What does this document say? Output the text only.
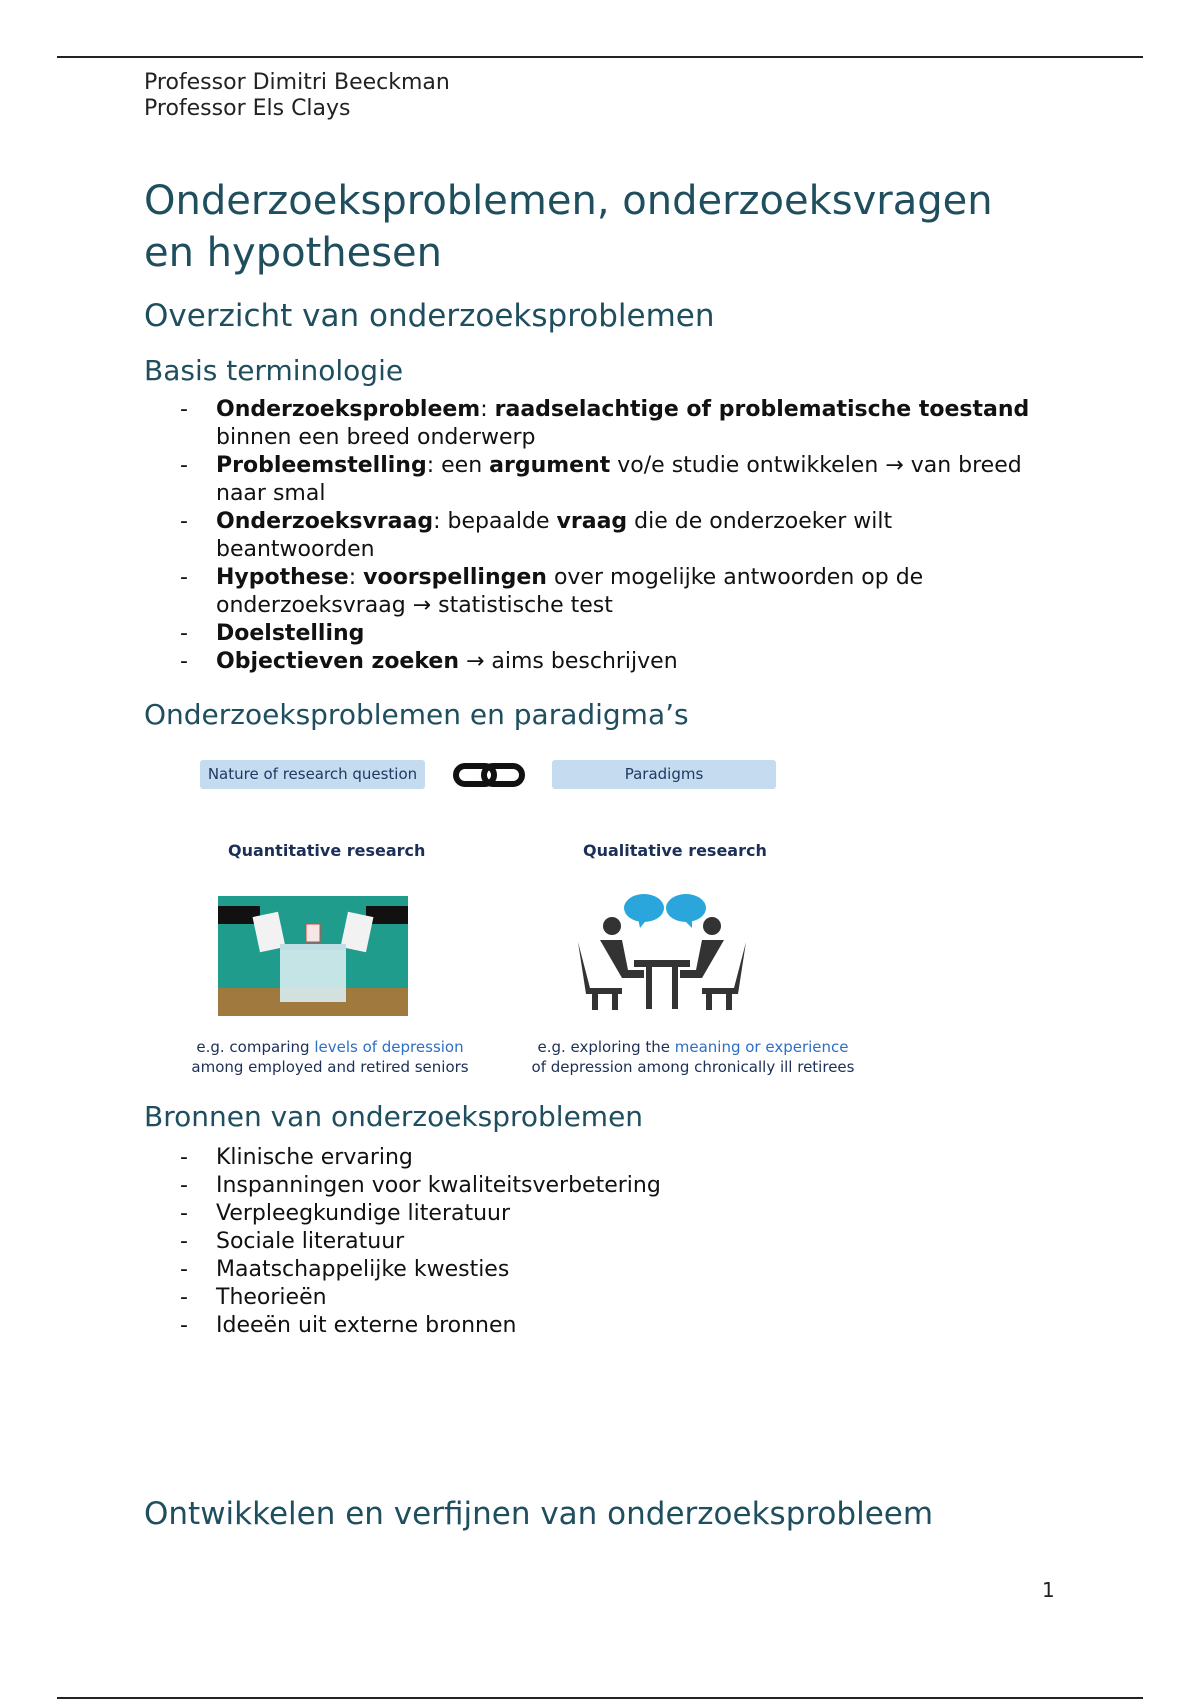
Professor Dimitri Beeckman
Professor Els Clays
Onderzoeksproblemen, onderzoeksvragen en hypothesen
Overzicht van onderzoeksproblemen
Basis terminologie
- Onderzoeksprobleem: raadselachtige of problematische toestand binnen een breed onderwerp
- Probleemstelling: een argument vo/e studie ontwikkelen → van breed naar smal
- Onderzoeksvraag: bepaalde vraag die de onderzoeker wilt beantwoorden
- Hypothese: voorspellingen over mogelijke antwoorden op de onderzoeksvraag → statistische test
- Doelstelling
- Objectieven zoeken → aims beschrijven
Onderzoeksproblemen en paradigma’s
Nature of research question	Paradigms
Quantitative research	Qualitative research
e.g. comparing levels of depression
among employed and retired seniors
e.g. exploring the meaning or experience
of depression among chronically ill retirees
Bronnen van onderzoeksproblemen
- Klinische ervaring
- Inspanningen voor kwaliteitsverbetering
- Verpleegkundige literatuur
- Sociale literatuur
- Maatschappelijke kwesties
- Theorieën
- Ideeën uit externe bronnen
Ontwikkelen en verfijnen van onderzoeksprobleem
1
